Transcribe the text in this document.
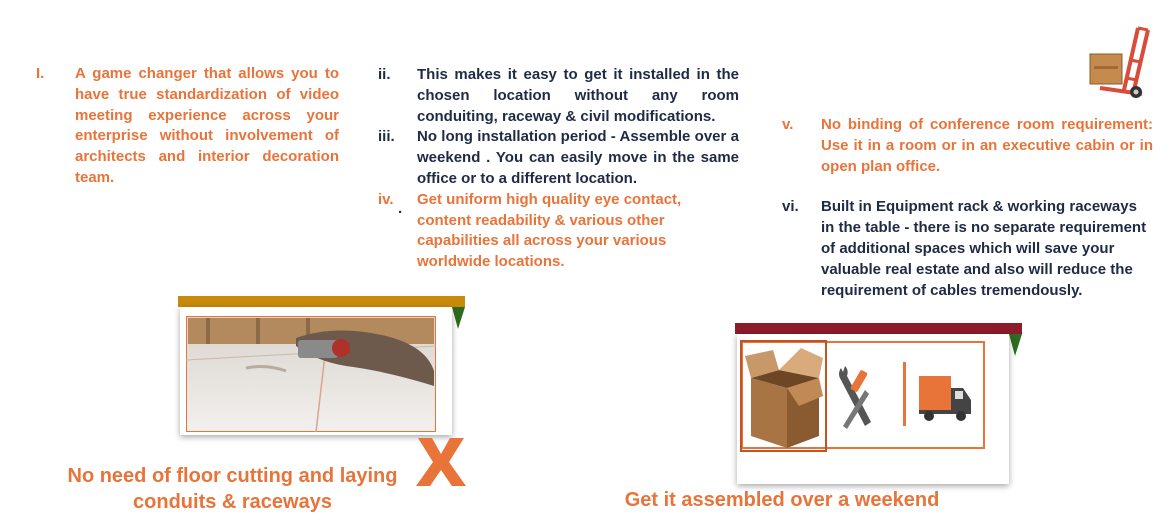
I.	A game changer that allows you to have true standardization of video meeting experience across your enterprise without involvement of architects and interior decoration team.
ii.	This makes it easy to get it installed in the chosen location without any room conduiting, raceway & civil modifications.
iii.	No long installation period - Assemble over a weekend . You can easily move in the same office or to a different location.
iv.
·
Get uniform high quality eye contact, content readability & various other capabilities all across your various worldwide locations.
v.	No binding of conference room requirement: Use it in a room or in an executive cabin or in open plan office.
vi.	Built in Equipment rack & working raceways in the table - there is no separate requirement of additional spaces which will save your valuable real estate and also will reduce the requirement of cables tremendously.
No need of floor cutting and laying
conduits & raceways	Get it assembled over a weekend
